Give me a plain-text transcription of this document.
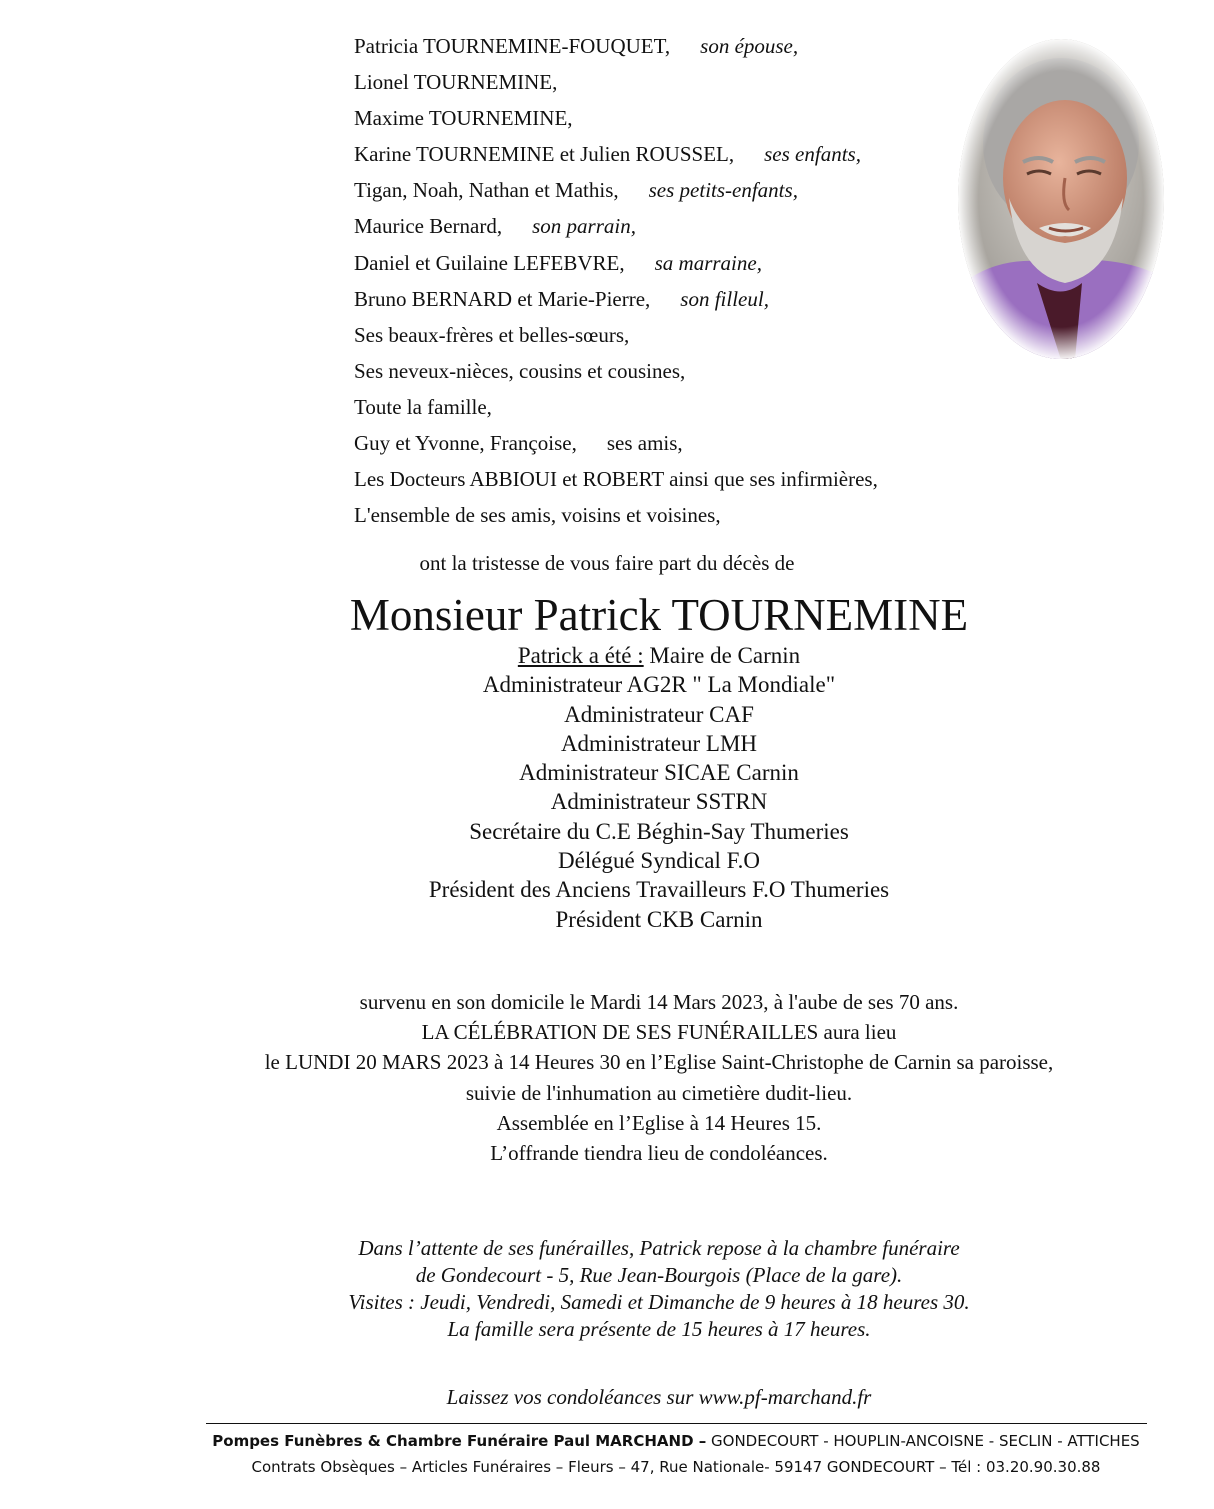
Patricia TOURNEMINE-FOUQUET, son épouse,
Lionel TOURNEMINE,
Maxime TOURNEMINE,
Karine TOURNEMINE et Julien ROUSSEL, ses enfants,
Tigan, Noah, Nathan et Mathis, ses petits-enfants,
Maurice Bernard, son parrain,
Daniel et Guilaine LEFEBVRE, sa marraine,
Bruno BERNARD et Marie-Pierre, son filleul,
Ses beaux-frères et belles-sœurs,
Ses neveux-nièces, cousins et cousines,
Toute la famille,
Guy et Yvonne, Françoise, ses amis,
Les Docteurs ABBIOUI et ROBERT ainsi que ses infirmières,
L'ensemble de ses amis, voisins et voisines,
ont la tristesse de vous faire part du décès de
Monsieur Patrick TOURNEMINE
Patrick a été : Maire de Carnin
Administrateur AG2R " La Mondiale"
Administrateur CAF
Administrateur LMH
Administrateur SICAE Carnin
Administrateur SSTRN
Secrétaire du C.E Béghin-Say Thumeries
Délégué Syndical F.O
Président des Anciens Travailleurs F.O Thumeries
Président CKB Carnin
survenu en son domicile le Mardi 14 Mars 2023, à l'aube de ses 70 ans.
LA CÉLÉBRATION DE SES FUNÉRAILLES aura lieu
le LUNDI 20 MARS 2023 à 14 Heures 30 en l’Eglise Saint-Christophe de Carnin sa paroisse,
suivie de l'inhumation au cimetière dudit-lieu.
Assemblée en l’Eglise à 14 Heures 15.
L’offrande tiendra lieu de condoléances.
Dans l’attente de ses funérailles, Patrick repose à la chambre funéraire
de Gondecourt - 5, Rue Jean-Bourgois (Place de la gare).
Visites : Jeudi, Vendredi, Samedi et Dimanche de 9 heures à 18 heures 30.
La famille sera présente de 15 heures à 17 heures.
Laissez vos condoléances sur www.pf-marchand.fr
Pompes Funèbres & Chambre Funéraire Paul MARCHAND – GONDECOURT - HOUPLIN-ANCOISNE - SECLIN - ATTICHES
Contrats Obsèques – Articles Funéraires – Fleurs – 47, Rue Nationale- 59147 GONDECOURT – Tél : 03.20.90.30.88
